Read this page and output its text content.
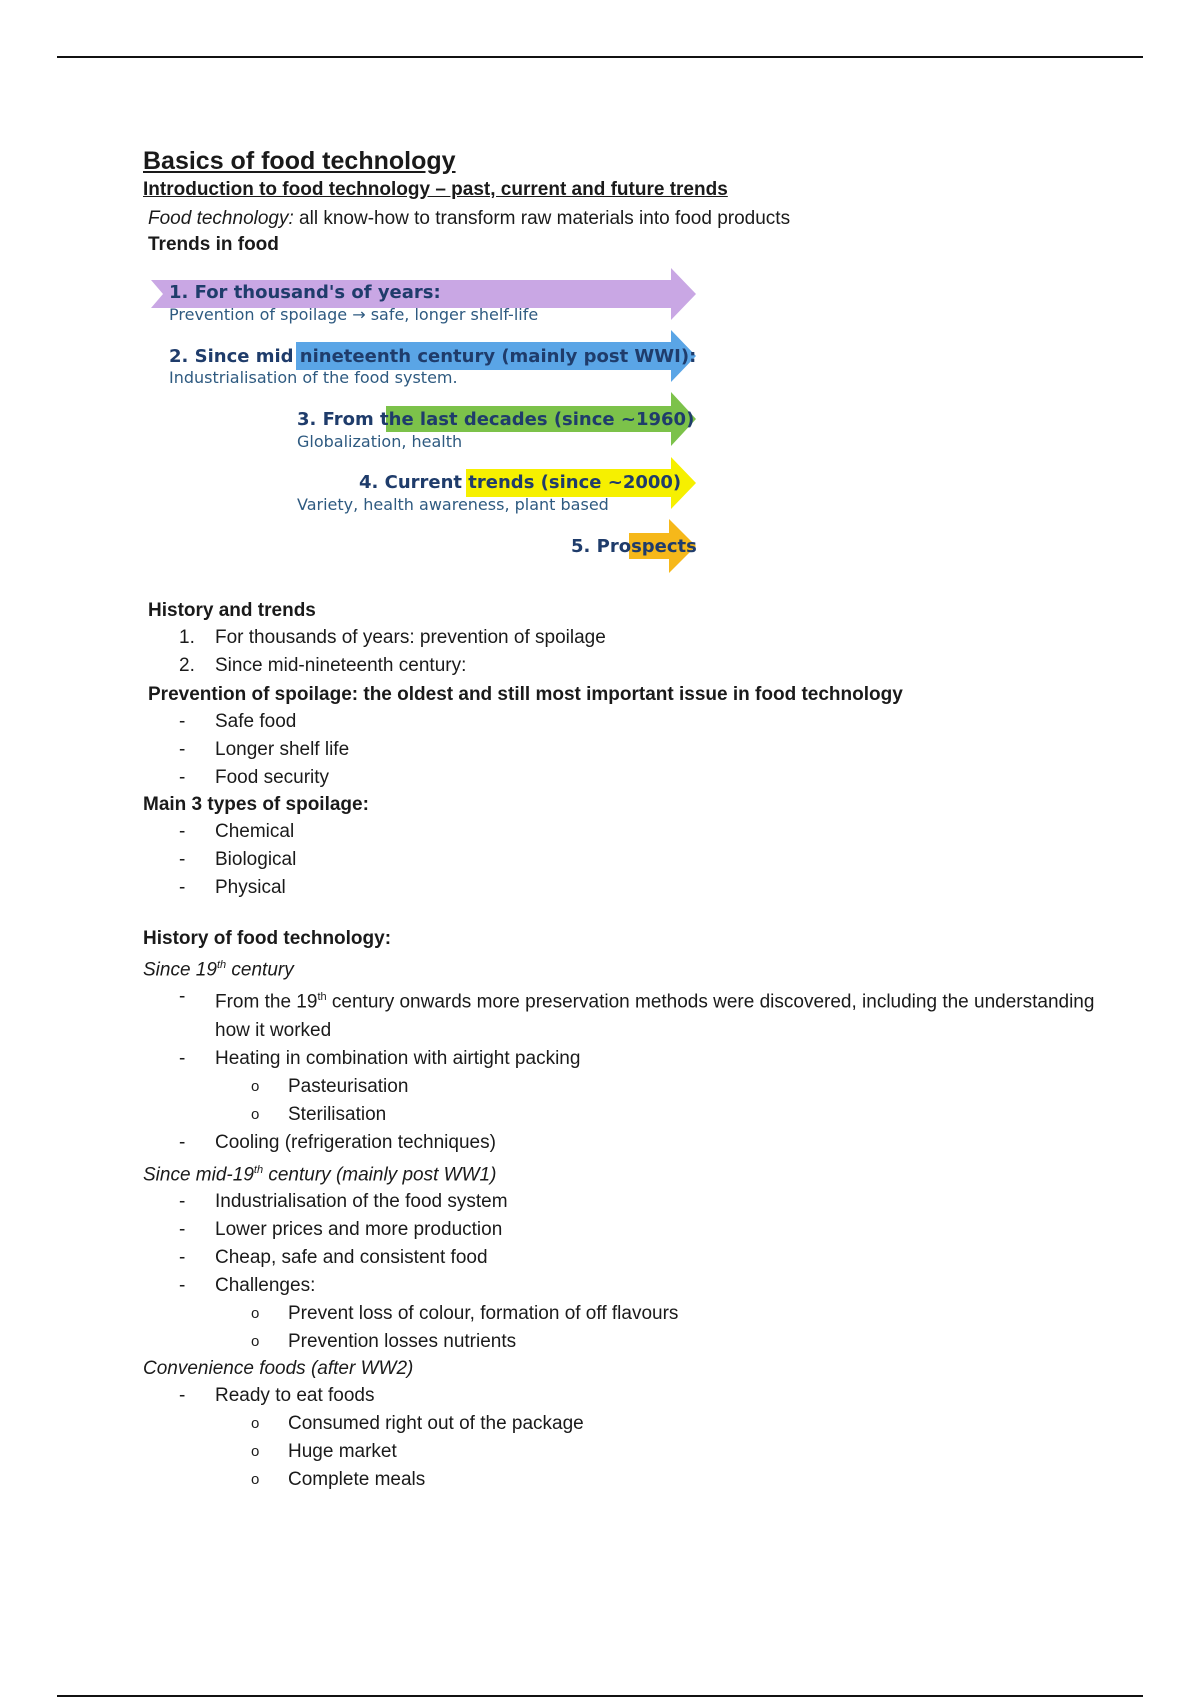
Basics of food technology
Introduction to food technology – past, current and future trends
Food technology: all know-how to transform raw materials into food products
Trends in food
1. For thousand's of years:
Prevention of spoilage → safe, longer shelf-life
2. Since mid nineteenth century (mainly post WWI):
Industrialisation of the food system.
3. From the last decades (since ~1960)
Globalization, health
4. Current trends (since ~2000)
Variety, health awareness, plant based
5. Prospects
History and trends
1. For thousands of years: prevention of spoilage
2. Since mid-nineteenth century:
Prevention of spoilage: the oldest and still most important issue in food technology
- Safe food
- Longer shelf life
- Food security
Main 3 types of spoilage:
- Chemical
- Biological
- Physical
History of food technology:
Since 19th century
- From the 19th century onwards more preservation methods were discovered, including the understanding how it worked
- Heating in combination with airtight packing
o Pasteurisation
o Sterilisation
- Cooling (refrigeration techniques)
Since mid-19th century (mainly post WW1)
- Industrialisation of the food system
- Lower prices and more production
- Cheap, safe and consistent food
- Challenges:
o Prevent loss of colour, formation of off flavours
o Prevention losses nutrients
Convenience foods (after WW2)
- Ready to eat foods
o Consumed right out of the package
o Huge market
o Complete meals
